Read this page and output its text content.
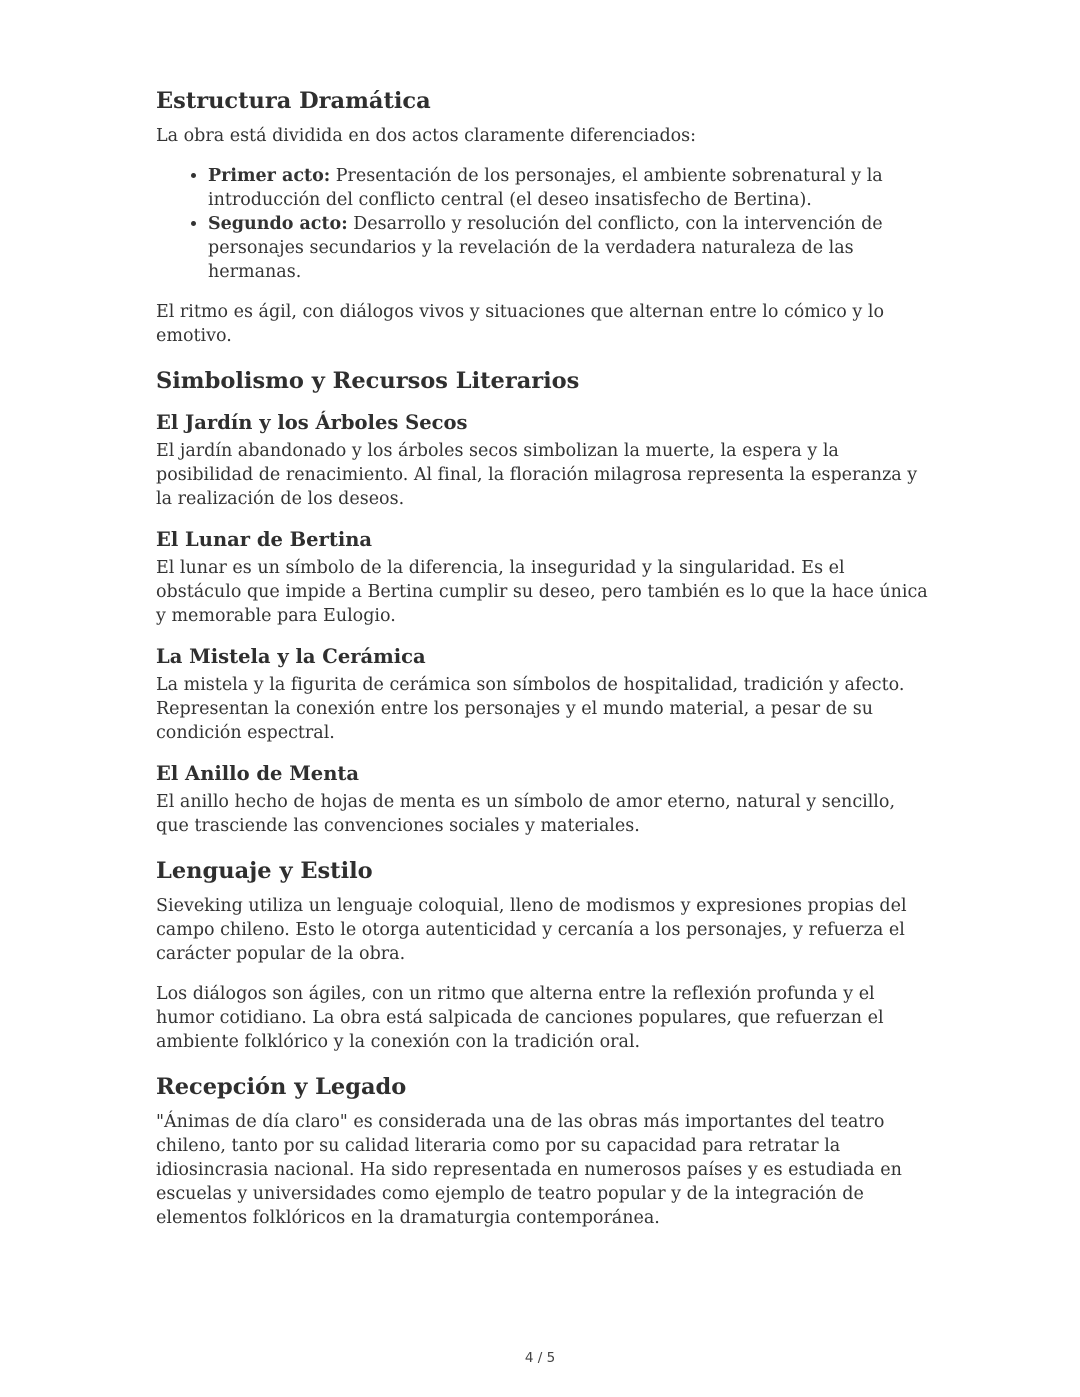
Estructura Dramática

La obra está dividida en dos actos claramente diferenciados:

• Primer acto: Presentación de los personajes, el ambiente sobrenatural y la introducción del conflicto central (el deseo insatisfecho de Bertina).
• Segundo acto: Desarrollo y resolución del conflicto, con la intervención de personajes secundarios y la revelación de la verdadera naturaleza de las hermanas.

El ritmo es ágil, con diálogos vivos y situaciones que alternan entre lo cómico y lo emotivo.

Simbolismo y Recursos Literarios
El Jardín y los Árboles Secos

El jardín abandonado y los árboles secos simbolizan la muerte, la espera y la posibilidad de renacimiento. Al final, la floración milagrosa representa la esperanza y la realización de los deseos.

El Lunar de Bertina

El lunar es un símbolo de la diferencia, la inseguridad y la singularidad. Es el obstáculo que impide a Bertina cumplir su deseo, pero también es lo que la hace única y memorable para Eulogio.

La Mistela y la Cerámica

La mistela y la figurita de cerámica son símbolos de hospitalidad, tradición y afecto. Representan la conexión entre los personajes y el mundo material, a pesar de su condición espectral.

El Anillo de Menta

El anillo hecho de hojas de menta es un símbolo de amor eterno, natural y sencillo, que trasciende las convenciones sociales y materiales.

Lenguaje y Estilo

Sieveking utiliza un lenguaje coloquial, lleno de modismos y expresiones propias del campo chileno. Esto le otorga autenticidad y cercanía a los personajes, y refuerza el carácter popular de la obra.

Los diálogos son ágiles, con un ritmo que alterna entre la reflexión profunda y el humor cotidiano. La obra está salpicada de canciones populares, que refuerzan el ambiente folklórico y la conexión con la tradición oral.

Recepción y Legado

"Ánimas de día claro" es considerada una de las obras más importantes del teatro chileno, tanto por su calidad literaria como por su capacidad para retratar la idiosincrasia nacional. Ha sido representada en numerosos países y es estudiada en escuelas y universidades como ejemplo de teatro popular y de la integración de elementos folklóricos en la dramaturgia contemporánea.

4 / 5
